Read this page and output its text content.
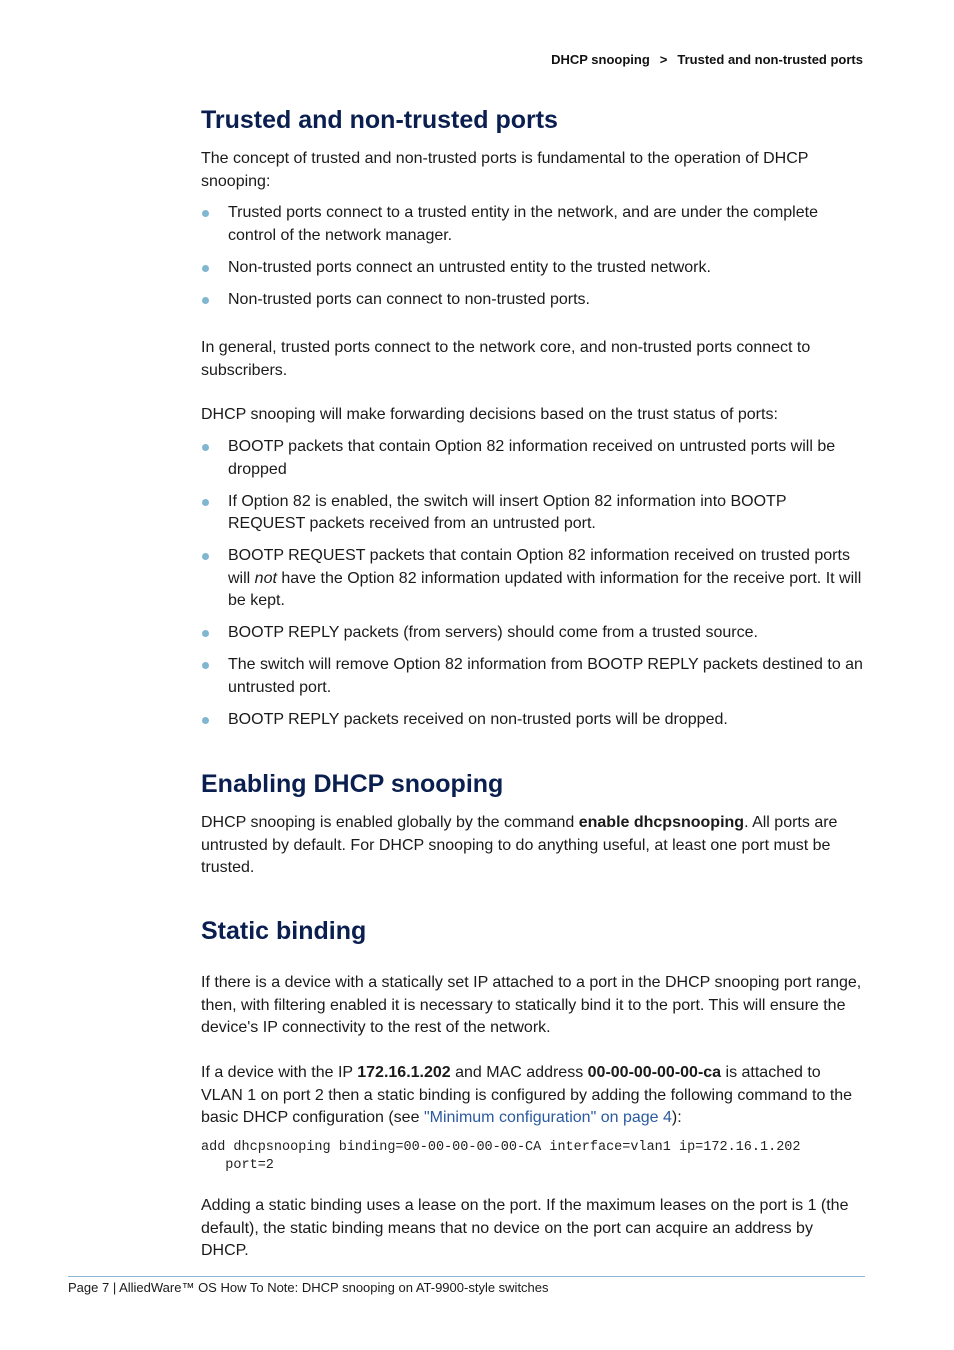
DHCP snooping > Trusted and non-trusted ports
Trusted and non-trusted ports

The concept of trusted and non-trusted ports is fundamental to the operation of DHCP snooping:

Trusted ports connect to a trusted entity in the network, and are under the complete control of the network manager.
Non-trusted ports connect an untrusted entity to the trusted network.
Non-trusted ports can connect to non-trusted ports.

In general, trusted ports connect to the network core, and non-trusted ports connect to subscribers.

DHCP snooping will make forwarding decisions based on the trust status of ports:

BOOTP packets that contain Option 82 information received on untrusted ports will be dropped
If Option 82 is enabled, the switch will insert Option 82 information into BOOTP REQUEST packets received from an untrusted port.
BOOTP REQUEST packets that contain Option 82 information received on trusted ports will not have the Option 82 information updated with information for the receive port. It will be kept.
BOOTP REPLY packets (from servers) should come from a trusted source.
The switch will remove Option 82 information from BOOTP REPLY packets destined to an untrusted port.
BOOTP REPLY packets received on non-trusted ports will be dropped.
Enabling DHCP snooping

DHCP snooping is enabled globally by the command enable dhcpsnooping. All ports are untrusted by default. For DHCP snooping to do anything useful, at least one port must be trusted.

Static binding

If there is a device with a statically set IP attached to a port in the DHCP snooping port range, then, with filtering enabled it is necessary to statically bind it to the port. This will ensure the device's IP connectivity to the rest of the network.

If a device with the IP 172.16.1.202 and MAC address 00-00-00-00-00-ca is attached to VLAN 1 on port 2 then a static binding is configured by adding the following command to the basic DHCP configuration (see "Minimum configuration" on page 4):

add dhcpsnooping binding=00-00-00-00-00-CA interface=vlan1 ip=172.16.1.202
port=2

Adding a static binding uses a lease on the port. If the maximum leases on the port is 1 (the default), the static binding means that no device on the port can acquire an address by DHCP.

Page 7 | AlliedWare™ OS How To Note: DHCP snooping on AT-9900-style switches
